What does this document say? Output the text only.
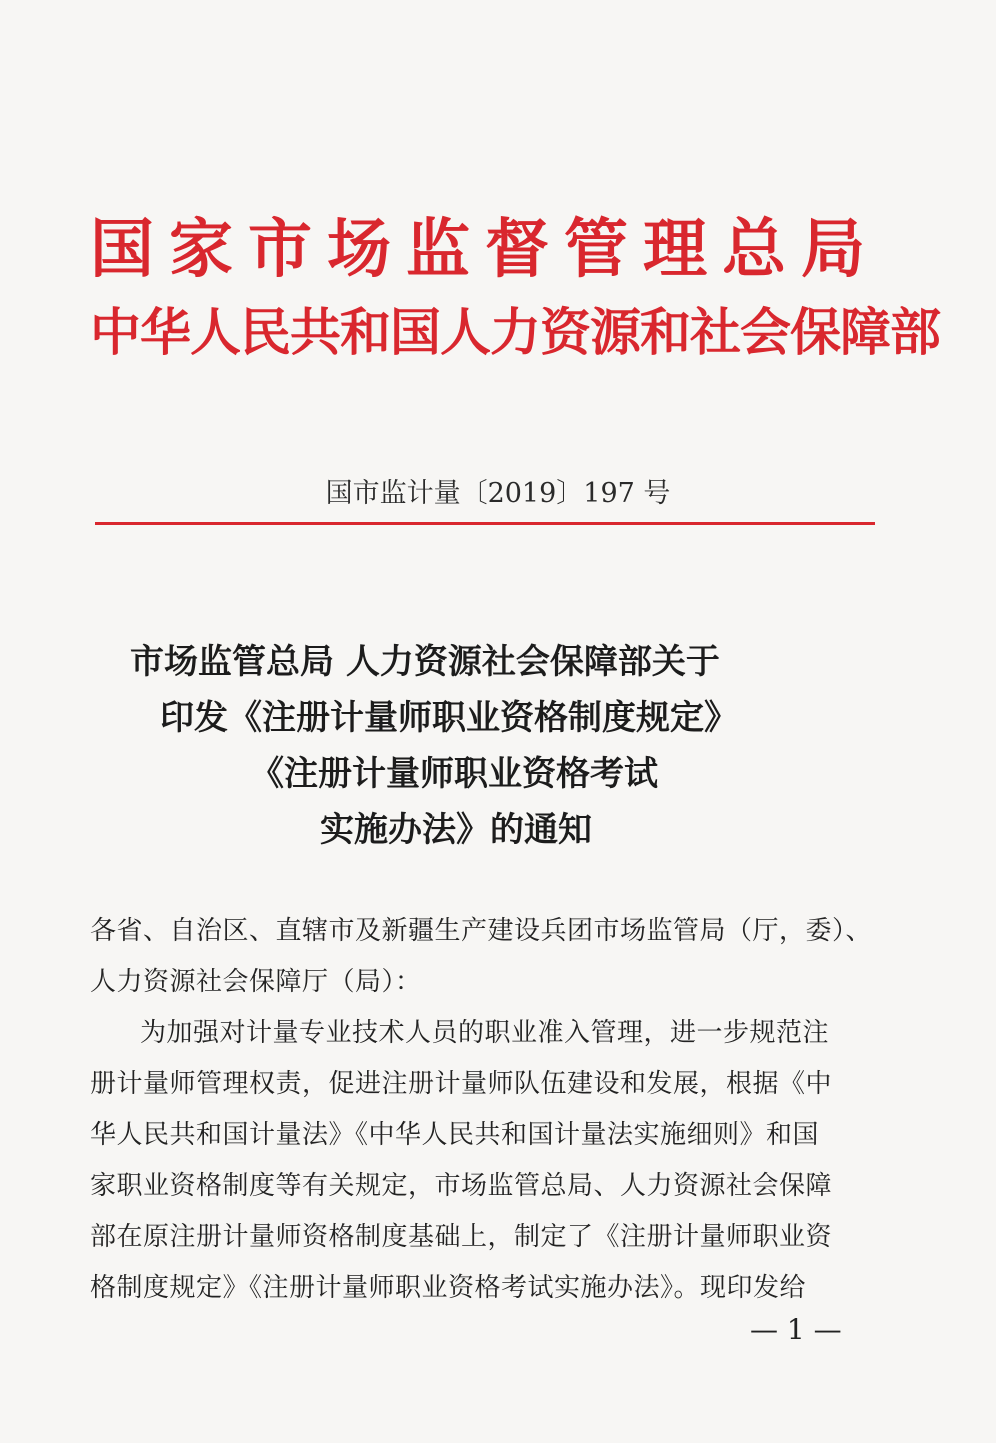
国家市场监督管理总局
中华人民共和国人力资源和社会保障部
国市监计量〔2019〕197 号
市场监管总局 人力资源社会保障部关于
印发《注册计量师职业资格制度规定》
《注册计量师职业资格考试
实施办法》的通知
各省、自治区、直辖市及新疆生产建设兵团市场监管局（厅，委）、
人力资源社会保障厅（局）：
为加强对计量专业技术人员的职业准入管理，进一步规范注
册计量师管理权责，促进注册计量师队伍建设和发展，根据《中
华人民共和国计量法》《中华人民共和国计量法实施细则》和国
家职业资格制度等有关规定，市场监管总局、人力资源社会保障
部在原注册计量师资格制度基础上，制定了《注册计量师职业资
格制度规定》《注册计量师职业资格考试实施办法》。现印发给
— 1 —
